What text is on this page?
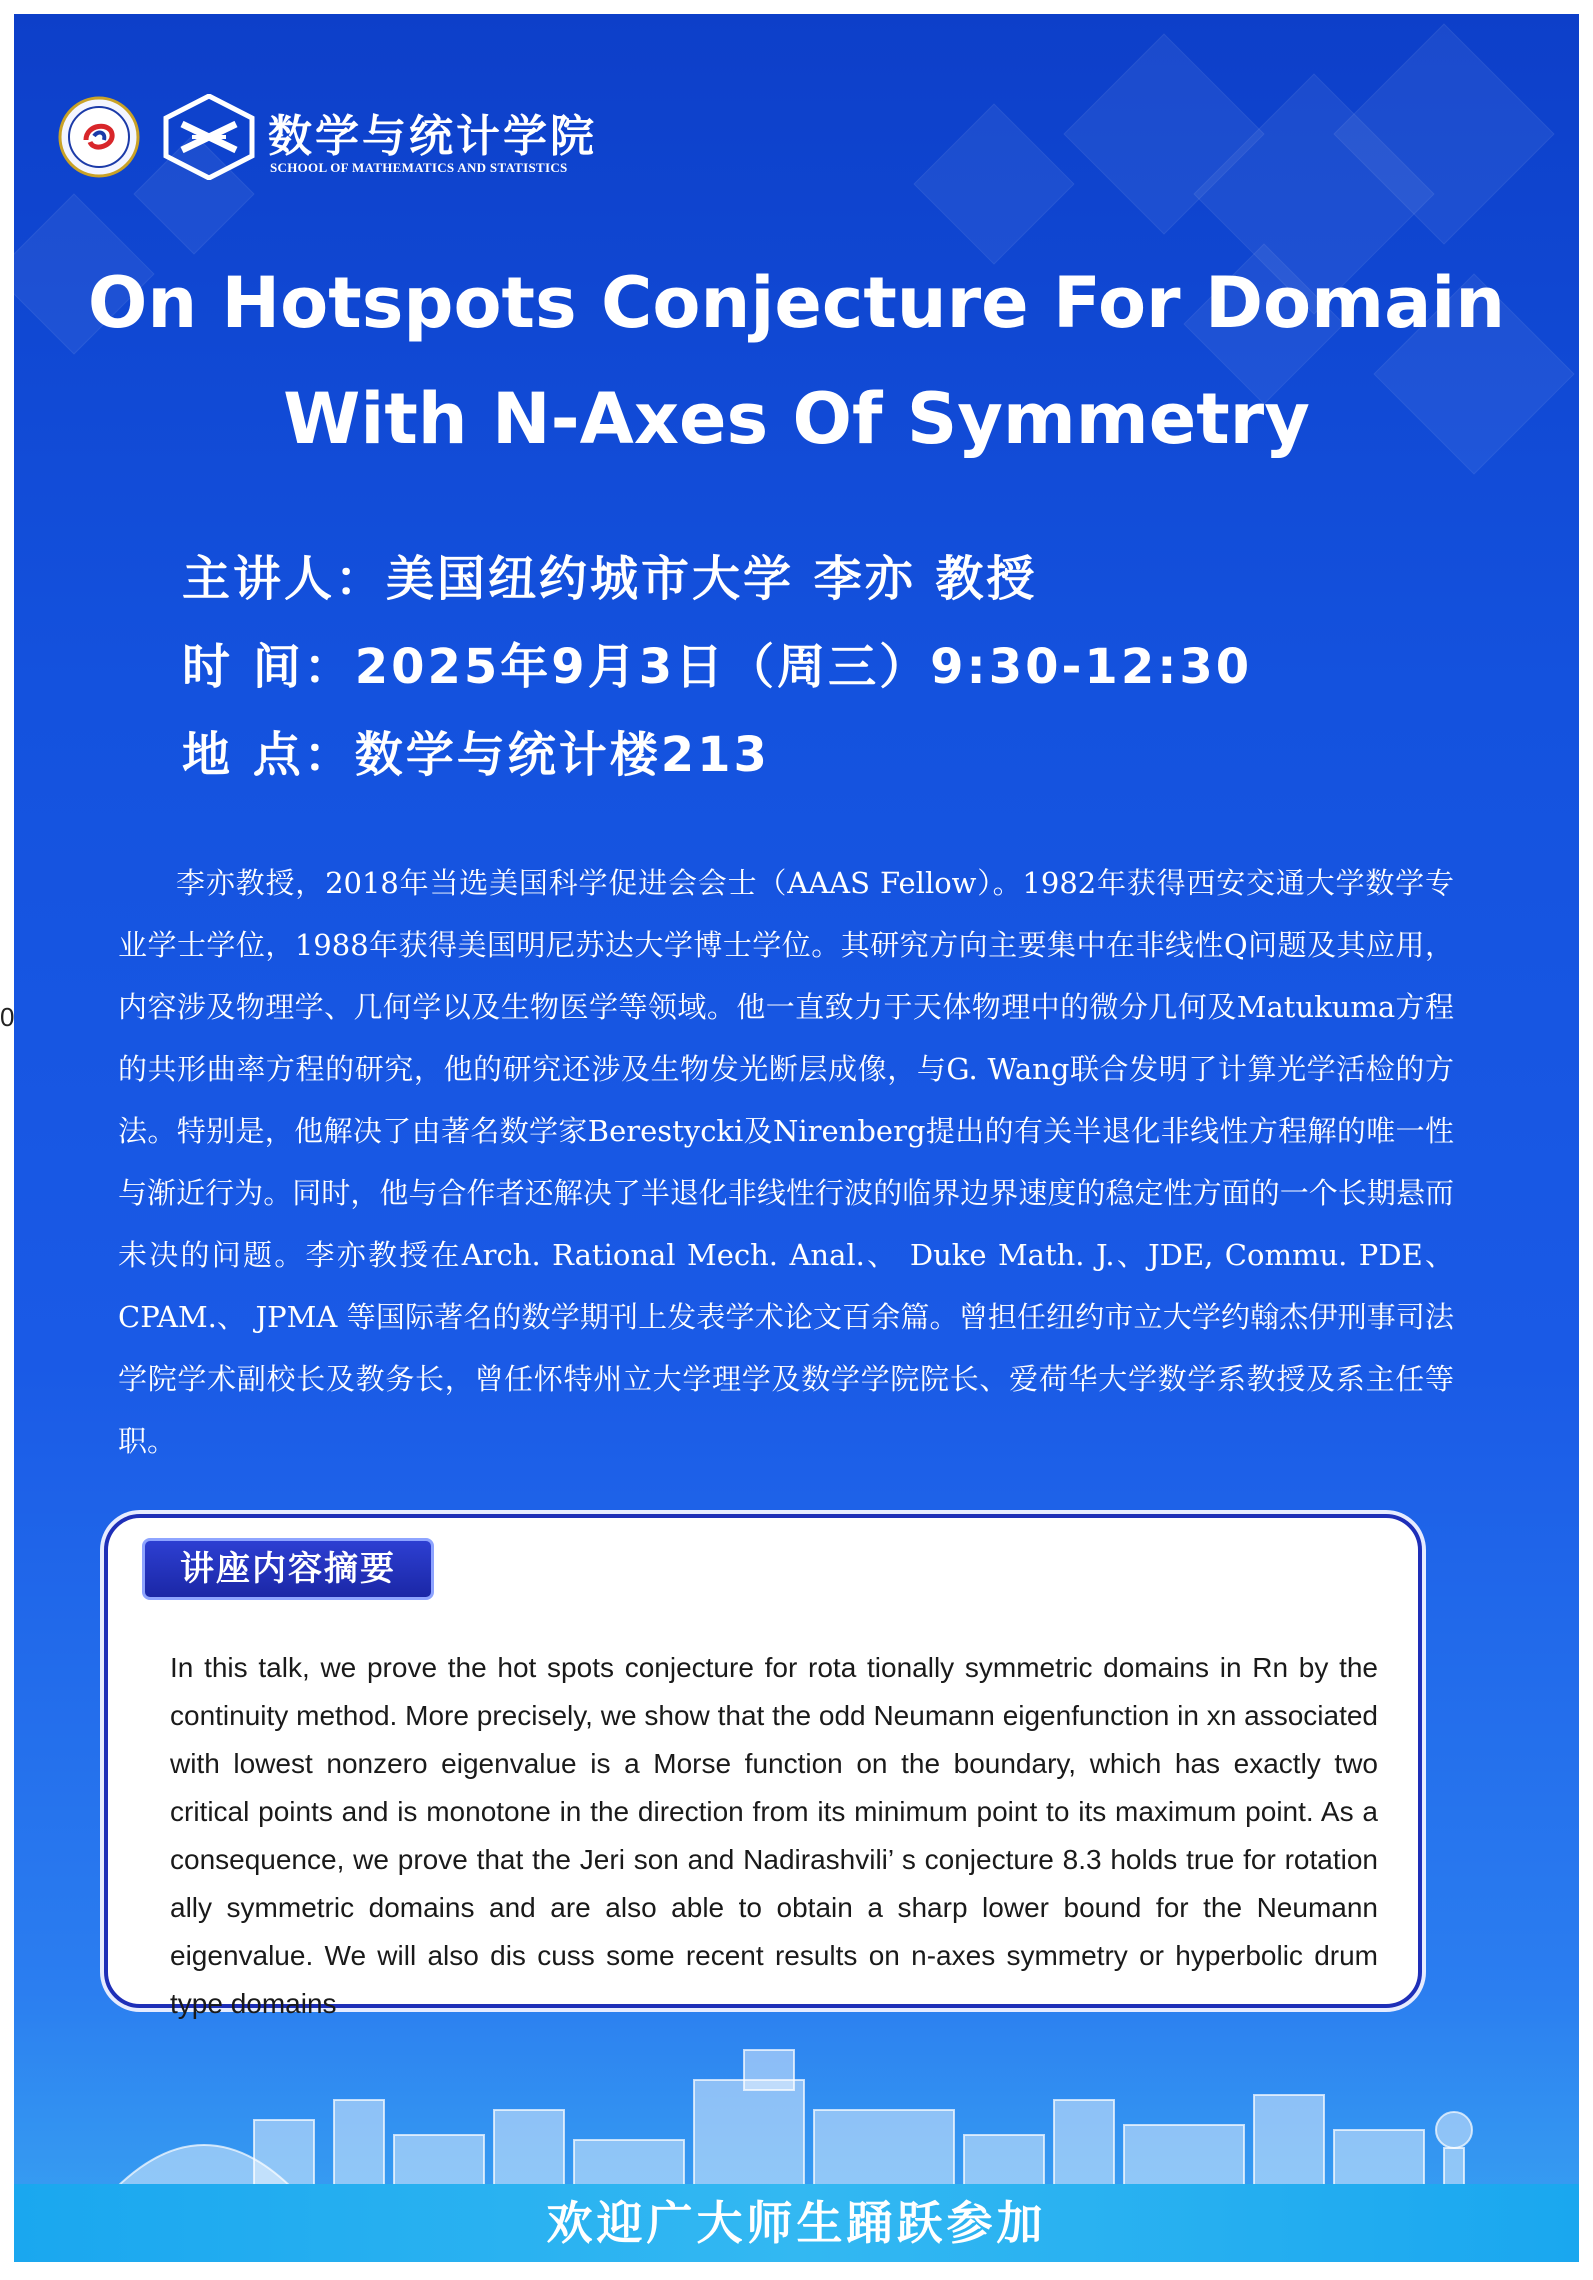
0
数学与统计学院
SCHOOL OF MATHEMATICS AND STATISTICS
On Hotspots Conjecture For Domain
With N-Axes Of Symmetry
主讲人：美国纽约城市大学 李亦 教授
时 间：2025年9月3日（周三）9:30-12:30
地 点：数学与统计楼213
李亦教授，2018年当选美国科学促进会会士（AAAS Fellow）。1982年获得西安交通大学数学专业学士学位，1988年获得美国明尼苏达大学博士学位。其研究方向主要集中在非线性Q问题及其应用，内容涉及物理学、几何学以及生物医学等领域。他一直致力于天体物理中的微分几何及Matukuma方程的共形曲率方程的研究，他的研究还涉及生物发光断层成像，与G. Wang联合发明了计算光学活检的方法。特别是，他解决了由著名数学家Berestycki及Nirenberg提出的有关半退化非线性方程解的唯一性与渐近行为。同时，他与合作者还解决了半退化非线性行波的临界边界速度的稳定性方面的一个长期悬而未决的问题。李亦教授在Arch. Rational Mech. Anal.、 Duke Math. J.、JDE, Commu. PDE、 CPAM.、 JPMA 等国际著名的数学期刊上发表学术论文百余篇。曾担任纽约市立大学约翰杰伊刑事司法学院学术副校长及教务长，曾任怀特州立大学理学及数学学院院长、爱荷华大学数学系教授及系主任等职。
讲座内容摘要
In this talk, we prove the hot spots conjecture for rota tionally symmetric domains in Rn by the continuity method. More precisely, we show that the odd Neumann eigenfunction in xn associated with lowest nonzero eigenvalue is a Morse function on the boundary, which has exactly two critical points and is monotone in the direction from its minimum point to its maximum point. As a consequence, we prove that the Jeri son and Nadirashvili’ s conjecture 8.3 holds true for rotation ally symmetric domains and are also able to obtain a sharp lower bound for the Neumann eigenvalue. We will also dis cuss some recent results on n-axes symmetry or hyperbolic drum type domains
欢迎广大师生踊跃参加
